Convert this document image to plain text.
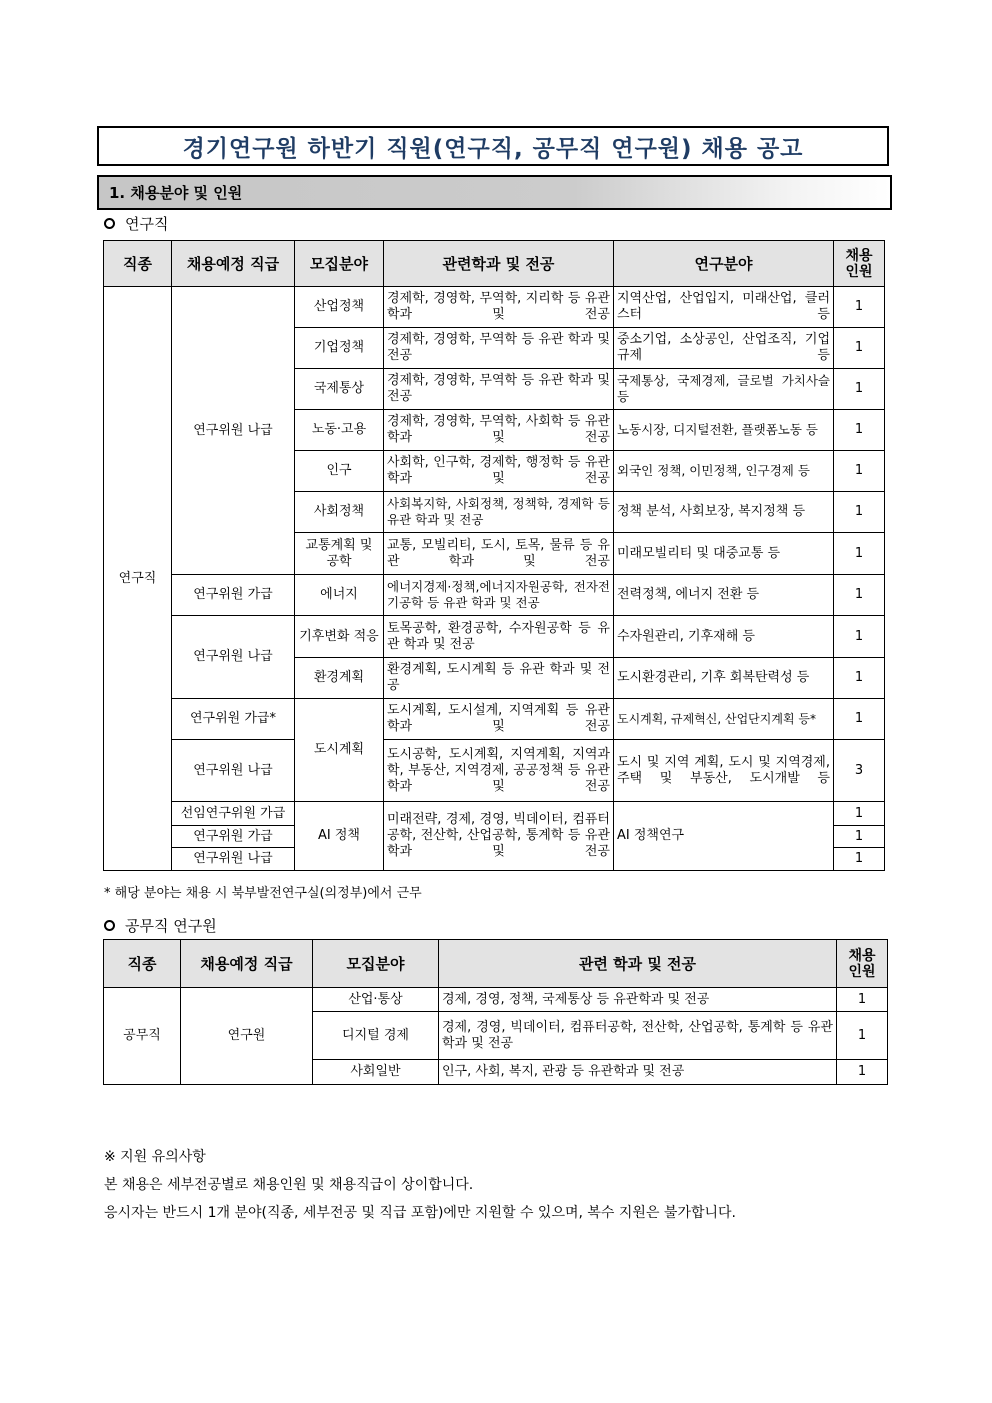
경기연구원 하반기 직원(연구직, 공무직 연구원) 채용 공고
1. 채용분야 및 인원
연구직
직종	채용예정 직급	모집분야	관련학과 및 전공	연구분야	채용
인원
연구직	연구위원 나급	산업정책	경제학, 경영학, 무역학, 지리학 등 유관 학과 및 전공	지역산업, 산업입지, 미래산업, 클러스터 등	1
		기업정책	경제학, 경영학, 무역학 등 유관 학과 및 전공	중소기업, 소상공인, 산업조직, 기업규제 등	1
		국제통상	경제학, 경영학, 무역학 등 유관 학과 및 전공	국제통상, 국제경제, 글로벌 가치사슬 등	1
		노동·고용	경제학, 경영학, 무역학, 사회학 등 유관 학과 및 전공	노동시장, 디지털전환, 플랫폼노동 등	1
		인구	사회학, 인구학, 경제학, 행정학 등 유관 학과 및 전공	외국인 정책, 이민정책, 인구경제 등	1
		사회정책	사회복지학, 사회정책, 정책학, 경제학 등 유관 학과 및 전공	정책 분석, 사회보장, 복지정책 등	1
		교통계획 및 공학	교통, 모빌리티, 도시, 토목, 물류 등 유관 학과 및 전공	미래모빌리티 및 대중교통 등	1
	연구위원 가급	에너지	에너지경제·정책,에너지자원공학, 전자전기공학 등 유관 학과 및 전공	전력정책, 에너지 전환 등	1
	연구위원 나급	기후변화 적응	토목공학, 환경공학, 수자원공학 등 유관 학과 및 전공	수자원관리, 기후재해 등	1
		환경계획	환경계획, 도시계획 등 유관 학과 및 전공	도시환경관리, 기후 회복탄력성 등	1
	연구위원 가급*	도시계획	도시계획, 도시설계, 지역계획 등 유관 학과 및 전공	도시계획, 규제혁신, 산업단지계획 등*	1
	연구위원 나급		도시공학, 도시계획, 지역계획, 지역과학, 부동산, 지역경제, 공공정책 등 유관 학과 및 전공	도시 및 지역 계획, 도시 및 지역경제, 주택 및 부동산, 도시개발 등	3
	선임연구위원 가급	AI 정책	미래전략, 경제, 경영, 빅데이터, 컴퓨터공학, 전산학, 산업공학, 통계학 등 유관 학과 및 전공	AI 정책연구	1
	연구위원 가급				1
	연구위원 나급				1
* 해당 분야는 채용 시 북부발전연구실(의정부)에서 근무
공무직 연구원
직종	채용예정 직급	모집분야	관련 학과 및 전공	채용
인원
공무직	연구원	산업·통상	경제, 경영, 정책, 국제통상 등 유관학과 및 전공	1
		디지털 경제	경제, 경영, 빅데이터, 컴퓨터공학, 전산학, 산업공학, 통계학 등 유관학과 및 전공	1
		사회일반	인구, 사회, 복지, 관광 등 유관학과 및 전공	1
※ 지원 유의사항
본 채용은 세부전공별로 채용인원 및 채용직급이 상이합니다.
응시자는 반드시 1개 분야(직종, 세부전공 및 직급 포함)에만 지원할 수 있으며, 복수 지원은 불가합니다.
